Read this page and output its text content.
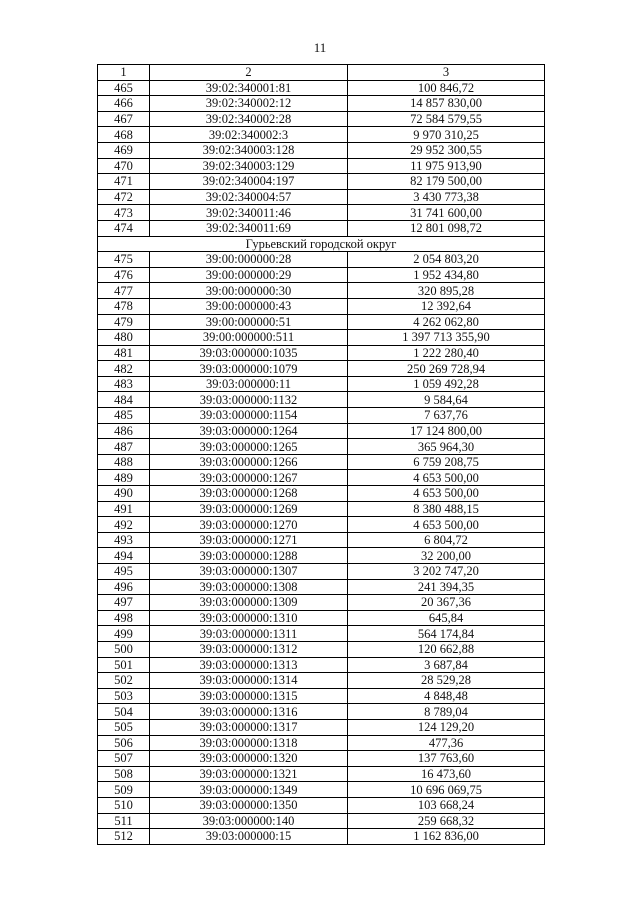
11
1	2	3
465	39:02:340001:81	100 846,72
466	39:02:340002:12	14 857 830,00
467	39:02:340002:28	72 584 579,55
468	39:02:340002:3	9 970 310,25
469	39:02:340003:128	29 952 300,55
470	39:02:340003:129	11 975 913,90
471	39:02:340004:197	82 179 500,00
472	39:02:340004:57	3 430 773,38
473	39:02:340011:46	31 741 600,00
474	39:02:340011:69	12 801 098,72
Гурьевский городской округ		
475	39:00:000000:28	2 054 803,20
476	39:00:000000:29	1 952 434,80
477	39:00:000000:30	320 895,28
478	39:00:000000:43	12 392,64
479	39:00:000000:51	4 262 062,80
480	39:00:000000:511	1 397 713 355,90
481	39:03:000000:1035	1 222 280,40
482	39:03:000000:1079	250 269 728,94
483	39:03:000000:11	1 059 492,28
484	39:03:000000:1132	9 584,64
485	39:03:000000:1154	7 637,76
486	39:03:000000:1264	17 124 800,00
487	39:03:000000:1265	365 964,30
488	39:03:000000:1266	6 759 208,75
489	39:03:000000:1267	4 653 500,00
490	39:03:000000:1268	4 653 500,00
491	39:03:000000:1269	8 380 488,15
492	39:03:000000:1270	4 653 500,00
493	39:03:000000:1271	6 804,72
494	39:03:000000:1288	32 200,00
495	39:03:000000:1307	3 202 747,20
496	39:03:000000:1308	241 394,35
497	39:03:000000:1309	20 367,36
498	39:03:000000:1310	645,84
499	39:03:000000:1311	564 174,84
500	39:03:000000:1312	120 662,88
501	39:03:000000:1313	3 687,84
502	39:03:000000:1314	28 529,28
503	39:03:000000:1315	4 848,48
504	39:03:000000:1316	8 789,04
505	39:03:000000:1317	124 129,20
506	39:03:000000:1318	477,36
507	39:03:000000:1320	137 763,60
508	39:03:000000:1321	16 473,60
509	39:03:000000:1349	10 696 069,75
510	39:03:000000:1350	103 668,24
511	39:03:000000:140	259 668,32
512	39:03:000000:15	1 162 836,00
